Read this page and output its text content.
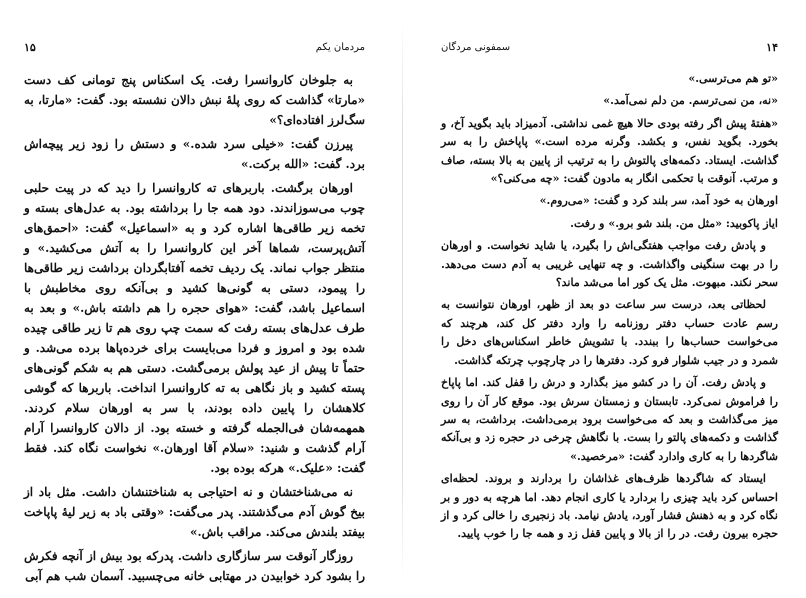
مردمان یکم
۱۵

به جلوخان کاروانسرا رفت. یک اسکناس پنج تومانی کف دست «مارتا» گذاشت که روی پلهٔ نبش دالان نشسته بود. گفت: «مارتا، به سگ‌لرز افتاده‌ای؟»

پیرزن گفت: «خیلی سرد شده.» و دستش را زود زیر پیچه‌اش برد. گفت: «الله برکت.»

اورهان برگشت. باربرهای ته کاروانسرا را دید که در پیت حلبی چوب می‌سوزاندند. دود همه جا را برداشته بود. به عدل‌های بسته و تخمه زیر طاقی‌ها اشاره کرد و به «اسماعیل» گفت: «احمق‌های آتش‌پرست، شماها آخر این کاروانسرا را به آتش می‌کشید.» و منتظر جواب نماند. یک ردیف تخمه آفتابگردان برداشت زیر طاقی‌ها را پیمود، دستی به گونی‌ها کشید و بی‌آنکه روی مخاطبش با اسماعیل باشد، گفت: «هوای حجره را هم داشته باش.» و بعد به طرف عدل‌های بسته رفت که سمت چپ روی هم تا زیر طاقی چیده شده بود و امروز و فردا می‌بایست برای خرده‌پاها برده می‌شد. و حتماً تا پیش از عید پولش برمی‌گشت. دستی هم به شکم گونی‌های پسته کشید و باز نگاهی به ته کاروانسرا انداخت. باربرها که گوشی کلاهشان را پایین داده بودند، با سر به اورهان سلام کردند. همهمه‌شان فی‌الجمله گرفته و خسته بود. از دالان کاروانسرا آرام آرام گذشت و شنید: «سلام آقا اورهان.» نخواست نگاه کند. فقط گفت: «علیک.» هرکه بوده بود.

نه می‌شناختشان و نه احتیاجی به شناختنشان داشت. مثل باد از بیخ گوش آدم می‌گذشتند. پدر می‌گفت: «وقتی باد به زیر لیهٔ پاپاخت بیفتد بلندش می‌کند. مراقب باش.»

روزگار آنوقت سر سازگاری داشت. پدرکه بود بیش از آنچه فکرش را بشود کرد خوابیدن در مهتابی خانه می‌چسبید. آسمان شب هم آبی

۱۴
سمفونی مردگان

«تو هم می‌ترسی.»

«نه، من نمی‌ترسم. من دلم نمی‌آمد.»

«هفتهٔ پیش اگر رفته بودی حالا هیچ غمی نداشتی. آدمیزاد باید بگوید آخ، و بخورد. بگوید نفس، و بکشد. وگرنه مرده است.» پاپاخش را به سر گذاشت. ایستاد. دکمه‌های پالتوش را به ترتیب از پایین به بالا بسته، صاف و مرتب. آنوقت با تحکمی انگار به مادون گفت: «چه می‌کنی؟»

اورهان به خود آمد، سر بلند کرد و گفت: «می‌روم.»

ایاز پاکوبید: «مثل من. بلند شو برو.» و رفت.

و پادش رفت مواجب هفتگی‌اش را بگیرد، یا شاید نخواست. و اورهان را در بهت سنگینی واگذاشت. و چه تنهایی غریبی به آدم دست می‌دهد. سحر نکند. مبهوت. مثل یک کور اما می‌شد ماند؟

لحظاتی بعد، درست سر ساعت دو بعد از ظهر، اورهان نتوانست به رسم عادت حساب دفتر روزنامه را وارد دفتر کل کند، هرچند که می‌خواست حساب‌ها را ببندد. با تشویش خاطر اسکناس‌های دخل را شمرد و در جیب شلوار فرو کرد. دفترها را در چارچوب چرتکه گذاشت.

و پادش رفت. آن را در کشو میز بگذارد و درش را قفل کند. اما پاپاخ را فراموش نمی‌کرد. تابستان و زمستان سرش بود. موقع کار آن را روی میز می‌گذاشت و بعد که می‌خواست برود برمی‌داشت. برداشت، به سر گذاشت و دکمه‌های پالتو را بست. با نگاهش چرخی در حجره زد و بی‌آنکه شاگردها را به کاری وادارد گفت: «مرخصید.»

ایستاد که شاگردها ظرف‌های غذاشان را بردارند و بروند. لحظه‌ای احساس کرد باید چیزی را بردارد یا کاری انجام دهد. اما هرچه به دور و بر نگاه کرد و به ذهنش فشار آورد، یادش نیامد. باد زنجیری را خالی کرد و از حجره بیرون رفت. در را از بالا و پایین قفل زد و همه جا را خوب پایید.
